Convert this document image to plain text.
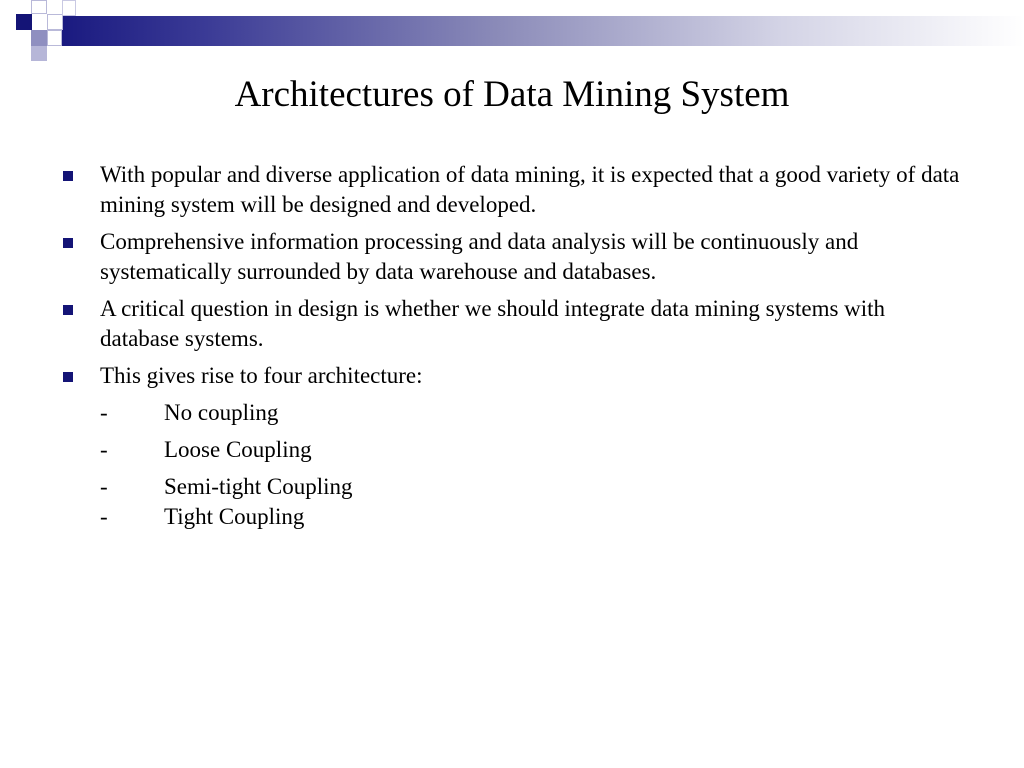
Architectures of Data Mining System
With popular and diverse application of data mining, it is expected that a good variety of data mining system will be designed and developed.
Comprehensive information processing and data analysis will be continuously and systematically surrounded by data warehouse and databases.
A critical question in design is whether we should integrate data mining systems with database systems.
This gives rise to four architecture:
- No coupling
- Loose Coupling
- Semi-tight Coupling
- Tight Coupling
